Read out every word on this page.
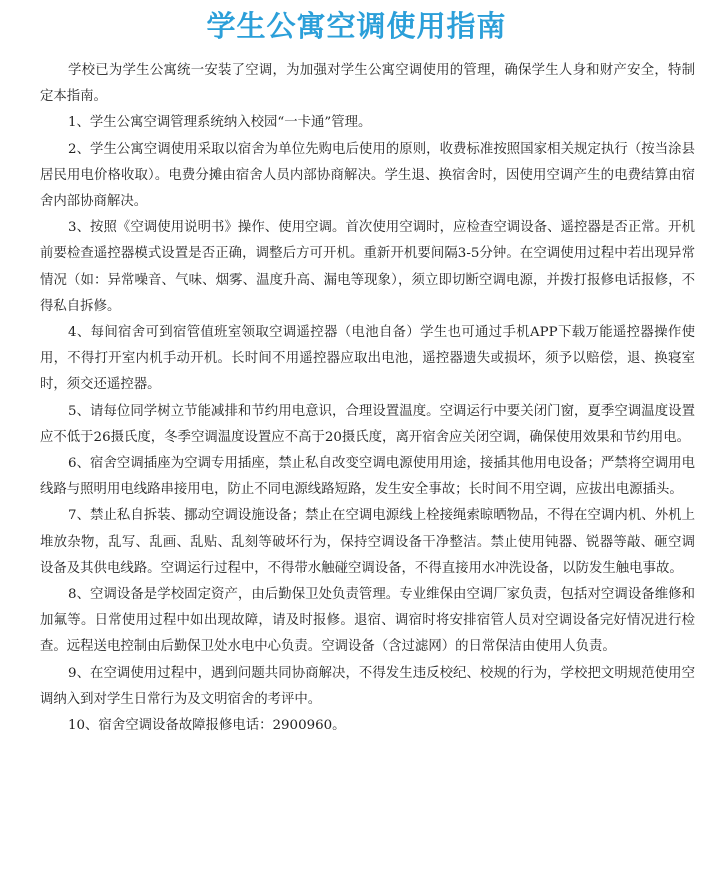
学生公寓空调使用指南

学校已为学生公寓统一安装了空调，为加强对学生公寓空调使用的管理，确保学生人身和财产安全，特制定本指南。

1、学生公寓空调管理系统纳入校园“一卡通”管理。

2、学生公寓空调使用采取以宿舍为单位先购电后使用的原则，收费标准按照国家相关规定执行（按当涂县居民用电价格收取）。电费分摊由宿舍人员内部协商解决。学生退、换宿舍时，因使用空调产生的电费结算由宿舍内部协商解决。

3、按照《空调使用说明书》操作、使用空调。首次使用空调时，应检查空调设备、遥控器是否正常。开机前要检查遥控器模式设置是否正确，调整后方可开机。重新开机要间隔3-5分钟。在空调使用过程中若出现异常情况（如：异常噪音、气味、烟雾、温度升高、漏电等现象），须立即切断空调电源，并拨打报修电话报修，不得私自拆修。

4、每间宿舍可到宿管值班室领取空调遥控器（电池自备）学生也可通过手机APP下载万能遥控器操作使用，不得打开室内机手动开机。长时间不用遥控器应取出电池，遥控器遗失或损坏，须予以赔偿，退、换寝室时，须交还遥控器。

5、请每位同学树立节能减排和节约用电意识，合理设置温度。空调运行中要关闭门窗，夏季空调温度设置应不低于26摄氏度，冬季空调温度设置应不高于20摄氏度，离开宿舍应关闭空调，确保使用效果和节约用电。

6、宿舍空调插座为空调专用插座，禁止私自改变空调电源使用用途，接插其他用电设备；严禁将空调用电线路与照明用电线路串接用电，防止不同电源线路短路，发生安全事故；长时间不用空调，应拔出电源插头。

7、禁止私自拆装、挪动空调设施设备；禁止在空调电源线上栓接绳索晾晒物品，不得在空调内机、外机上堆放杂物，乱写、乱画、乱贴、乱刻等破坏行为，保持空调设备干净整洁。禁止使用钝器、锐器等敲、砸空调设备及其供电线路。空调运行过程中，不得带水触碰空调设备，不得直接用水冲洗设备，以防发生触电事故。

8、空调设备是学校固定资产，由后勤保卫处负责管理。专业维保由空调厂家负责，包括对空调设备维修和加氟等。日常使用过程中如出现故障，请及时报修。退宿、调宿时将安排宿管人员对空调设备完好情况进行检查。远程送电控制由后勤保卫处水电中心负责。空调设备（含过滤网）的日常保洁由使用人负责。

9、在空调使用过程中，遇到问题共同协商解决，不得发生违反校纪、校规的行为，学校把文明规范使用空调纳入到对学生日常行为及文明宿舍的考评中。

10、宿舍空调设备故障报修电话：2900960。
